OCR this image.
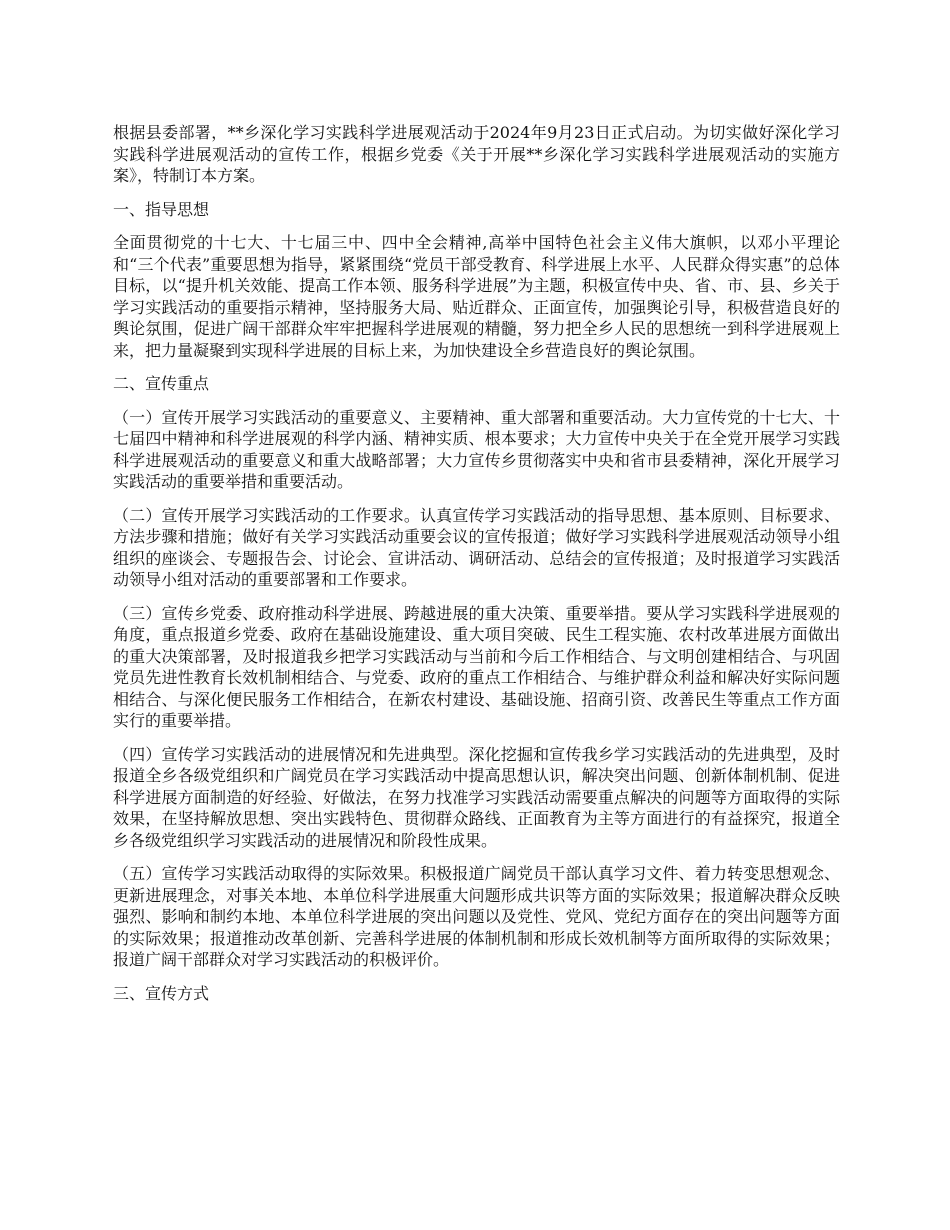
根据县委部署，**乡深化学习实践科学进展观活动于2024年9月23日正式启动。为切实做好深化学习实践科学进展观活动的宣传工作，根据乡党委《关于开展**乡深化学习实践科学进展观活动的实施方案》，特制订本方案。

一、指导思想

全面贯彻党的十七大、十七届三中、四中全会精神,高举中国特色社会主义伟大旗帜，以邓小平理论和“三个代表”重要思想为指导，紧紧围绕“党员干部受教育、科学进展上水平、人民群众得实惠”的总体目标，以“提升机关效能、提高工作本领、服务科学进展”为主题，积极宣传中央、省、市、县、乡关于学习实践活动的重要指示精神，坚持服务大局、贴近群众、正面宣传，加强舆论引导，积极营造良好的舆论氛围，促进广阔干部群众牢牢把握科学进展观的精髓，努力把全乡人民的思想统一到科学进展观上来，把力量凝聚到实现科学进展的目标上来，为加快建设全乡营造良好的舆论氛围。

二、宣传重点

（一）宣传开展学习实践活动的重要意义、主要精神、重大部署和重要活动。大力宣传党的十七大、十七届四中精神和科学进展观的科学内涵、精神实质、根本要求；大力宣传中央关于在全党开展学习实践科学进展观活动的重要意义和重大战略部署；大力宣传乡贯彻落实中央和省市县委精神，深化开展学习实践活动的重要举措和重要活动。

（二）宣传开展学习实践活动的工作要求。认真宣传学习实践活动的指导思想、基本原则、目标要求、方法步骤和措施；做好有关学习实践活动重要会议的宣传报道；做好学习实践科学进展观活动领导小组组织的座谈会、专题报告会、讨论会、宣讲活动、调研活动、总结会的宣传报道；及时报道学习实践活动领导小组对活动的重要部署和工作要求。

（三）宣传乡党委、政府推动科学进展、跨越进展的重大决策、重要举措。要从学习实践科学进展观的角度，重点报道乡党委、政府在基础设施建设、重大项目突破、民生工程实施、农村改革进展方面做出的重大决策部署，及时报道我乡把学习实践活动与当前和今后工作相结合、与文明创建相结合、与巩固党员先进性教育长效机制相结合、与党委、政府的重点工作相结合、与维护群众利益和解决好实际问题相结合、与深化便民服务工作相结合，在新农村建设、基础设施、招商引资、改善民生等重点工作方面实行的重要举措。

（四）宣传学习实践活动的进展情况和先进典型。深化挖掘和宣传我乡学习实践活动的先进典型，及时报道全乡各级党组织和广阔党员在学习实践活动中提高思想认识，解决突出问题、创新体制机制、促进科学进展方面制造的好经验、好做法，在努力找准学习实践活动需要重点解决的问题等方面取得的实际效果，在坚持解放思想、突出实践特色、贯彻群众路线、正面教育为主等方面进行的有益探究，报道全乡各级党组织学习实践活动的进展情况和阶段性成果。

（五）宣传学习实践活动取得的实际效果。积极报道广阔党员干部认真学习文件、着力转变思想观念、更新进展理念，对事关本地、本单位科学进展重大问题形成共识等方面的实际效果；报道解决群众反映强烈、影响和制约本地、本单位科学进展的突出问题以及党性、党风、党纪方面存在的突出问题等方面的实际效果；报道推动改革创新、完善科学进展的体制机制和形成长效机制等方面所取得的实际效果；报道广阔干部群众对学习实践活动的积极评价。

三、宣传方式
